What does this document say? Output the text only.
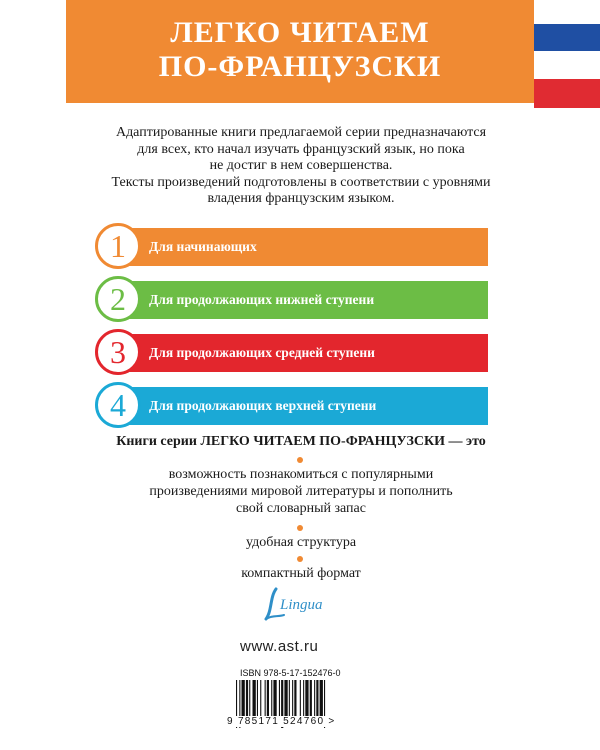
ЛЕГКО ЧИТАЕМ
ПО-ФРАНЦУЗСКИ
Адаптированные книги предлагаемой серии предназначаются
для всех, кто начал изучать французский язык, но пока
не достиг в нем совершенства.
Тексты произведений подготовлены в соответствии с уровнями
владения французским языком.
1	Для начинающих
2	Для продолжающих нижней ступени
3	Для продолжающих средней ступени
4	Для продолжающих верхней ступени
Книги серии ЛЕГКО ЧИТАЕМ ПО-ФРАНЦУЗСКИ — это
возможность познакомиться с популярными
произведениями мировой литературы и пополнить
свой словарный запас
удобная структура
компактный формат
Lingua
www.ast.ru
ISBN 978-5-17-152476-0
9 785171 524760 >
